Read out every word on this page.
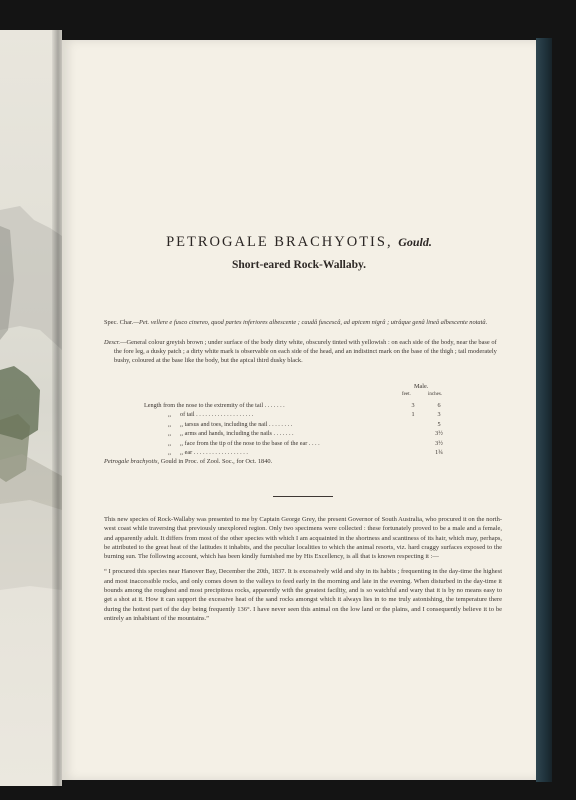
PETROGALE BRACHYOTIS, Gould.
Short-eared Rock-Wallaby.

Spec. Char.—Pet. vellere e fusco cinereo, quod partes inferiores albescente ; caudâ fuscescâ, ad apicem nigrâ ; utrâque genâ lineâ albescente notatâ.

Descr.—General colour greyish brown ; under surface of the body dirty white, obscurely tinted with yellowish : on each side of the body, near the base of the fore leg, a dusky patch ; a dirty white mark is observable on each side of the head, and an indistinct mark on the base of the thigh ; tail moderately bushy, coloured at the base like the body, but the apical third dusky black.

Male.
feet.	inches.
Length from the nose to the extremity of the tail . . . . . . .	3	6
,, of tail . . . . . . . . . . . . . . . . . . .	1	3
,, ,, tarsus and toes, including the nail . . . . . . . .	5
,, ,, arms and hands, including the nails . . . . . . .	3½
,, ,, face from the tip of the nose to the base of the ear . . . .	3½
,, ,, ear . . . . . . . . . . . . . . . . . .	1¾
Petrogale brachyotis, Gould in Proc. of Zool. Soc., for Oct. 1840.

This new species of Rock-Wallaby was presented to me by Captain George Grey, the present Governor of South Australia, who procured it on the north-west coast while traversing that previously unexplored region. Only two specimens were collected : these fortunately proved to be a male and a female, and apparently adult. It differs from most of the other species with which I am acquainted in the shortness and scantiness of its hair, which may, perhaps, be attributed to the great heat of the latitudes it inhabits, and the peculiar localities to which the animal resorts, viz. hard craggy surfaces exposed to the burning sun. The following account, which has been kindly furnished me by His Excellency, is all that is known respecting it :—

“ I procured this species near Hanover Bay, December the 20th, 1837. It is excessively wild and shy in its habits ; frequenting in the day-time the highest and most inaccessible rocks, and only comes down to the valleys to feed early in the morning and late in the evening. When disturbed in the day-time it bounds among the roughest and most precipitous rocks, apparently with the greatest facility, and is so watchful and wary that it is by no means easy to get a shot at it. How it can support the excessive heat of the sand rocks amongst which it always lies in to me truly astonishing, the temperature there during the hottest part of the day being frequently 136°. I have never seen this animal on the low land or the plains, and I consequently believe it to be entirely an inhabitant of the mountains.”
